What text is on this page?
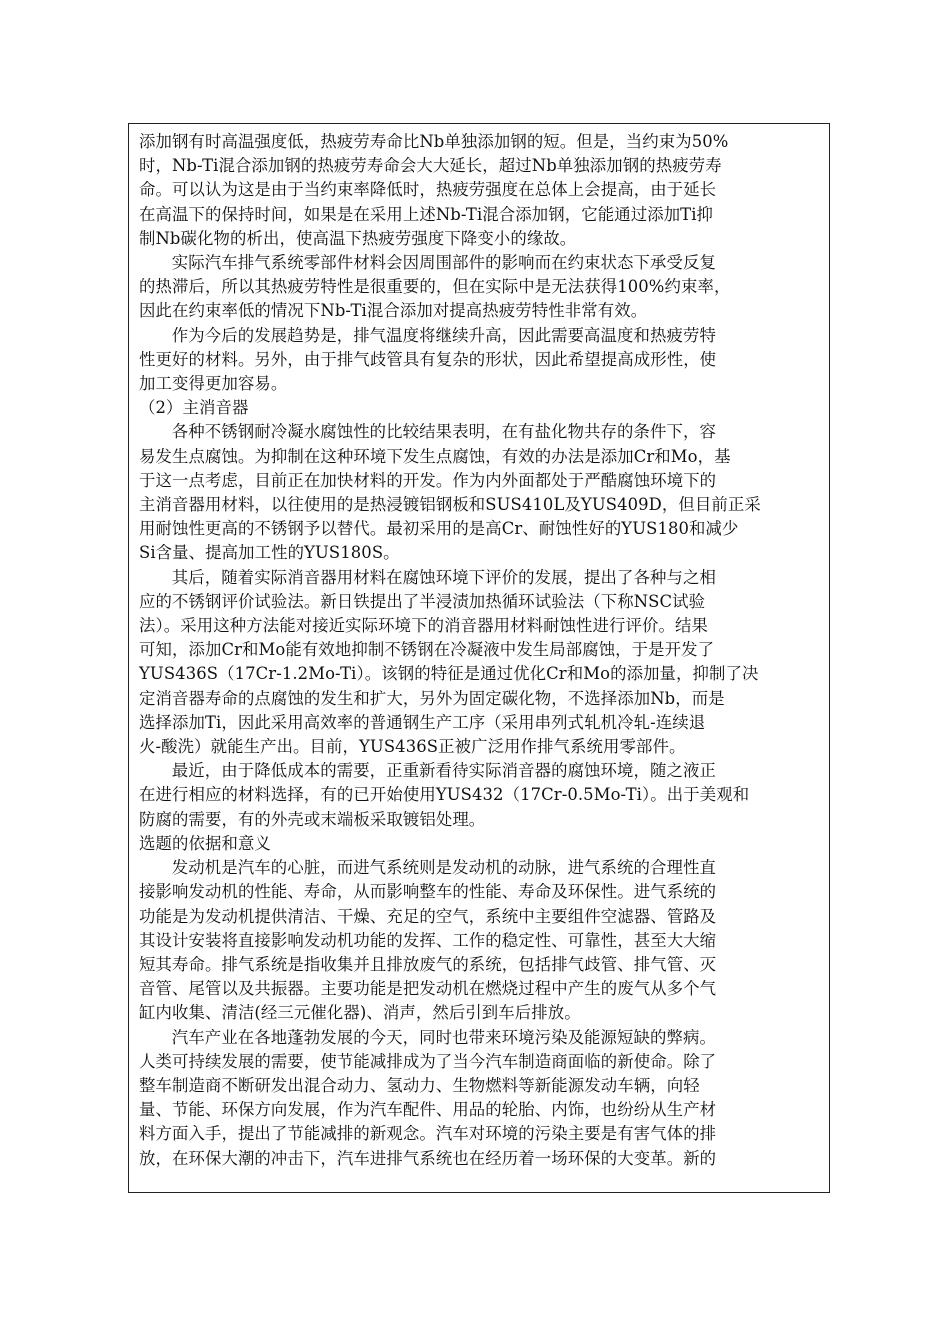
添加钢有时高温强度低，热疲劳寿命比Nb单独添加钢的短。但是，当约束为50%
时，Nb-Ti混合添加钢的热疲劳寿命会大大延长，超过Nb单独添加钢的热疲劳寿
命。可以认为这是由于当约束率降低时，热疲劳强度在总体上会提高，由于延长
在高温下的保持时间，如果是在采用上述Nb-Ti混合添加钢，它能通过添加Ti抑
制Nb碳化物的析出，使高温下热疲劳强度下降变小的缘故。

实际汽车排气系统零部件材料会因周围部件的影响而在约束状态下承受反复
的热滞后，所以其热疲劳特性是很重要的，但在实际中是无法获得100%约束率，
因此在约束率低的情况下Nb-Ti混合添加对提高热疲劳特性非常有效。

作为今后的发展趋势是，排气温度将继续升高，因此需要高温度和热疲劳特
性更好的材料。另外，由于排气歧管具有复杂的形状，因此希望提高成形性，使
加工变得更加容易。

（2）主消音器

各种不锈钢耐冷凝水腐蚀性的比较结果表明，在有盐化物共存的条件下，容
易发生点腐蚀。为抑制在这种环境下发生点腐蚀，有效的办法是添加Cr和Mo，基
于这一点考虑，目前正在加快材料的开发。作为内外面都处于严酷腐蚀环境下的
主消音器用材料，以往使用的是热浸镀铝钢板和SUS410L及YUS409D，但目前正采
用耐蚀性更高的不锈钢予以替代。最初采用的是高Cr、耐蚀性好的YUS180和减少
Si含量、提高加工性的YUS180S。

其后，随着实际消音器用材料在腐蚀环境下评价的发展，提出了各种与之相
应的不锈钢评价试验法。新日铁提出了半浸渍加热循环试验法（下称NSC试验
法）。采用这种方法能对接近实际环境下的消音器用材料耐蚀性进行评价。结果
可知，添加Cr和Mo能有效地抑制不锈钢在冷凝液中发生局部腐蚀，于是开发了
YUS436S（17Cr-1.2Mo-Ti）。该钢的特征是通过优化Cr和Mo的添加量，抑制了决
定消音器寿命的点腐蚀的发生和扩大，另外为固定碳化物，不选择添加Nb，而是
选择添加Ti，因此采用高效率的普通钢生产工序（采用串列式轧机冷轧-连续退
火-酸洗）就能生产出。目前，YUS436S正被广泛用作排气系统用零部件。

最近，由于降低成本的需要，正重新看待实际消音器的腐蚀环境，随之液正
在进行相应的材料选择，有的已开始使用YUS432（17Cr-0.5Mo-Ti）。出于美观和
防腐的需要，有的外壳或末端板采取镀铝处理。

选题的依据和意义

发动机是汽车的心脏，而进气系统则是发动机的动脉，进气系统的合理性直
接影响发动机的性能、寿命，从而影响整车的性能、寿命及环保性。进气系统的
功能是为发动机提供清洁、干燥、充足的空气，系统中主要组件空滤器、管路及
其设计安装将直接影响发动机功能的发挥、工作的稳定性、可靠性，甚至大大缩
短其寿命。排气系统是指收集并且排放废气的系统，包括排气歧管、排气管、灭
音管、尾管以及共振器。主要功能是把发动机在燃烧过程中产生的废气从多个气
缸内收集、清洁(经三元催化器)、消声，然后引到车后排放。

汽车产业在各地蓬勃发展的今天，同时也带来环境污染及能源短缺的弊病。
人类可持续发展的需要，使节能减排成为了当今汽车制造商面临的新使命。除了
整车制造商不断研发出混合动力、氢动力、生物燃料等新能源发动车辆，向轻
量、节能、环保方向发展，作为汽车配件、用品的轮胎、内饰，也纷纷从生产材
料方面入手，提出了节能减排的新观念。汽车对环境的污染主要是有害气体的排
放，在环保大潮的冲击下，汽车进排气系统也在经历着一场环保的大变革。新的
